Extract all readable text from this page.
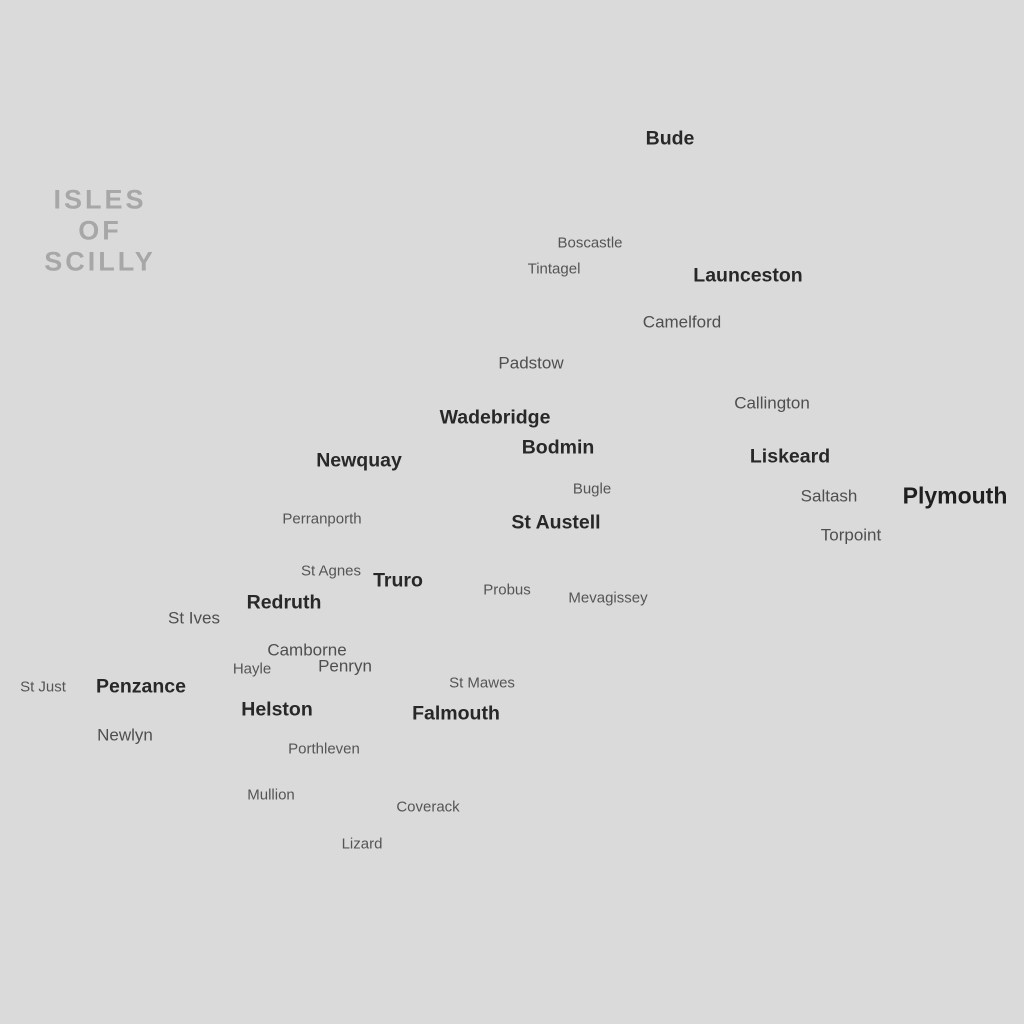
ISLES
OF
SCILLY
Bude
Boscastle
Tintagel	Launceston
Camelford
Padstow
Callington
Wadebridge
Bodmin	Liskeard
Newquay
Bugle	Saltash Plymouth
Perranporth	St Austell
Torpoint
St Agnes Truro	Probus	Mevagissey
Redruth
St Ives
Camborne
Penryn
Hayle
St Mawes
St Just Penzance
Helston	Falmouth
Newlyn
Porthleven
Mullion
Coverack
Lizard
